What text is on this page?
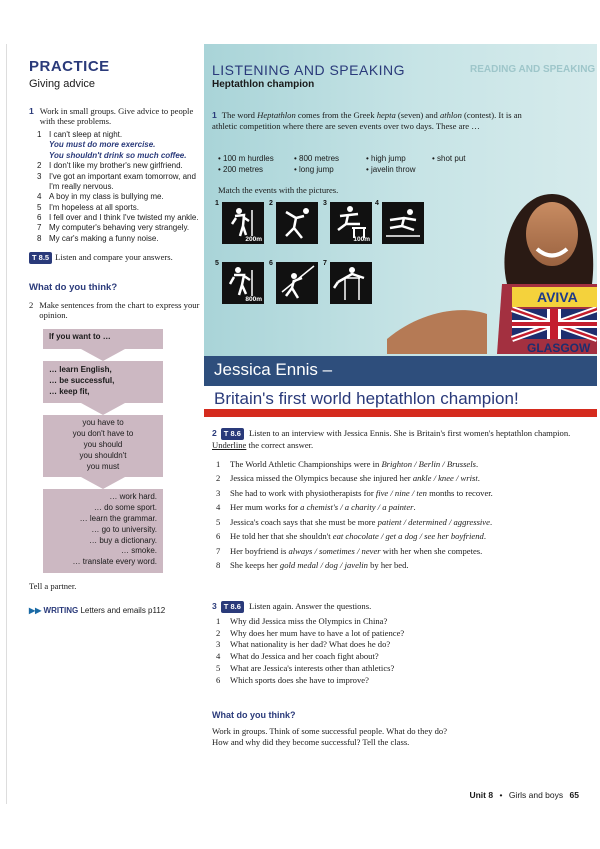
PRACTICE
Giving advice
1 Work in small groups. Give advice to people with these problems.
1 I can't sleep at night.
You must do more exercise.
You shouldn't drink so much coffee.
2 I don't like my brother's new girlfriend.
3 I've got an important exam tomorrow, and I'm really nervous.
4 A boy in my class is bullying me.
5 I'm hopeless at all sports.
6 I fell over and I think I've twisted my ankle.
7 My computer's behaving very strangely.
8 My car's making a funny noise.
T 8.5 Listen and compare your answers.
What do you think?
2 Make sentences from the chart to express your opinion.
If you want to …
… learn English,
… be successful,
… keep fit,
you have to
you don't have to
you should
you shouldn't
you must
… work hard.
… do some sport.
… learn the grammar.
… go to university.
… buy a dictionary.
… smoke.
… translate every word.
Tell a partner.
▶▶ WRITING Letters and emails p112
READING AND SPEAKING
LISTENING AND SPEAKING
Heptathlon champion
1 The word Heptathlon comes from the Greek hepta (seven) and athlon (contest). It is an athletic competition where there are seven events over two days. These are …
• 100 m hurdles	• 800 metres	• high jump	• shot put
• 200 metres	• long jump	• javelin throw
Match the events with the pictures.
1
200m
2	3
100m
4
5
800m
6	7
AVIVA
GLASGOW
Jessica Ennis –
Britain's first world heptathlon champion!
2 T 8.6 Listen to an interview with Jessica Ennis. She is Britain's first women's heptathlon champion. Underline the correct answer.
1	The World Athletic Championships were in Brighton / Berlin / Brussels.
2	Jessica missed the Olympics because she injured her ankle / knee / wrist.
3	She had to work with physiotherapists for five / nine / ten months to recover.
4	Her mum works for a chemist's / a charity / a painter.
5	Jessica's coach says that she must be more patient / determined / aggressive.
6	He told her that she shouldn't eat chocolate / get a dog / see her boyfriend.
7	Her boyfriend is always / sometimes / never with her when she competes.
8	She keeps her gold medal / dog / javelin by her bed.
3 T 8.6 Listen again. Answer the questions.
1	Why did Jessica miss the Olympics in China?
2	Why does her mum have to have a lot of patience?
3	What nationality is her dad? What does he do?
4	What do Jessica and her coach fight about?
5	What are Jessica's interests other than athletics?
6	Which sports does she have to improve?
What do you think?
Work in groups. Think of some successful people. What do they do?
How and why did they become successful? Tell the class.
Unit 8 • Girls and boys 65
